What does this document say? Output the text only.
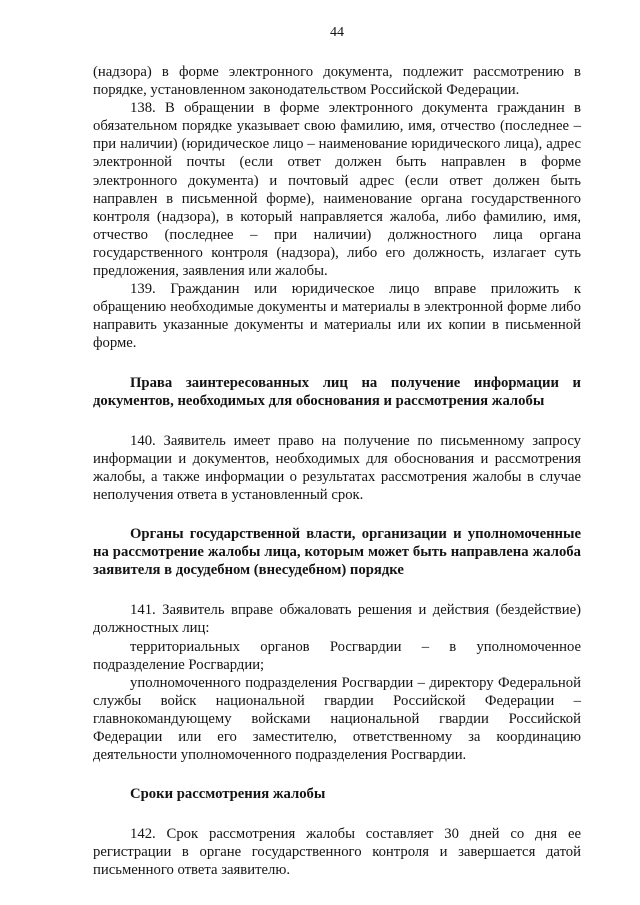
44

(надзора) в форме электронного документа, подлежит рассмотрению в порядке, установленном законодательством Российской Федерации.

138. В обращении в форме электронного документа гражданин в обязательном порядке указывает свою фамилию, имя, отчество (последнее – при наличии) (юридическое лицо – наименование юридического лица), адрес электронной почты (если ответ должен быть направлен в форме электронного документа) и почтовый адрес (если ответ должен быть направлен в письменной форме), наименование органа государственного контроля (надзора), в который направляется жалоба, либо фамилию, имя, отчество (последнее – при наличии) должностного лица органа государственного контроля (надзора), либо его должность, излагает суть предложения, заявления или жалобы.

139. Гражданин или юридическое лицо вправе приложить к обращению необходимые документы и материалы в электронной форме либо направить указанные документы и материалы или их копии в письменной форме.

Права заинтересованных лиц на получение информации и документов, необходимых для обоснования и рассмотрения жалобы

140. Заявитель имеет право на получение по письменному запросу информации и документов, необходимых для обоснования и рассмотрения жалобы, а также информации о результатах рассмотрения жалобы в случае неполучения ответа в установленный срок.

Органы государственной власти, организации и уполномоченные на рассмотрение жалобы лица, которым может быть направлена жалоба заявителя в досудебном (внесудебном) порядке

141. Заявитель вправе обжаловать решения и действия (бездействие) должностных лиц:

территориальных органов Росгвардии – в уполномоченное подразделение Росгвардии;

уполномоченного подразделения Росгвардии – директору Федеральной службы войск национальной гвардии Российской Федерации – главнокомандующему войсками национальной гвардии Российской Федерации или его заместителю, ответственному за координацию деятельности уполномоченного подразделения Росгвардии.

Сроки рассмотрения жалобы

142. Срок рассмотрения жалобы составляет 30 дней со дня ее регистрации в органе государственного контроля и завершается датой письменного ответа заявителю.
